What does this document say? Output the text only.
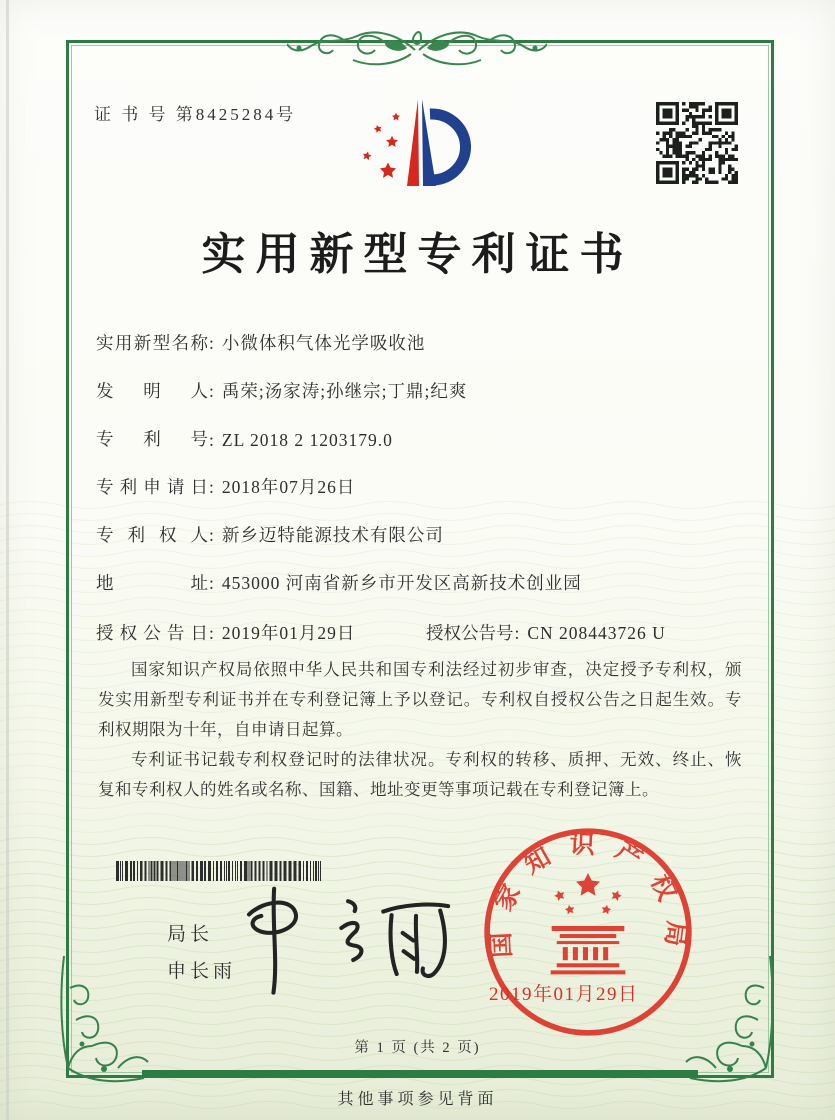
证 书 号 第8425284号
实用新型专利证书
实用新型名称: 小微体积气体光学吸收池
发明人: 禹荣;汤家涛;孙继宗;丁鼎;纪爽
专利号: ZL 2018 2 1203179.0
专利申请日: 2018年07月26日
专利权人: 新乡迈特能源技术有限公司
地址: 453000 河南省新乡市开发区高新技术创业园
授权公告日: 2019年01月29日	授权公告号: CN 208443726 U

国家知识产权局依照中华人民共和国专利法经过初步审查，决定授予专利权，颁发实用新型专利证书并在专利登记簿上予以登记。专利权自授权公告之日起生效。专利权期限为十年，自申请日起算。

专利证书记载专利权登记时的法律状况。专利权的转移、质押、无效、终止、恢复和专利权人的姓名或名称、国籍、地址变更等事项记载在专利登记簿上。

国家知识产权局
2019年01月29日
局长
申长雨
第 1 页 (共 2 页)
其他事项参见背面
